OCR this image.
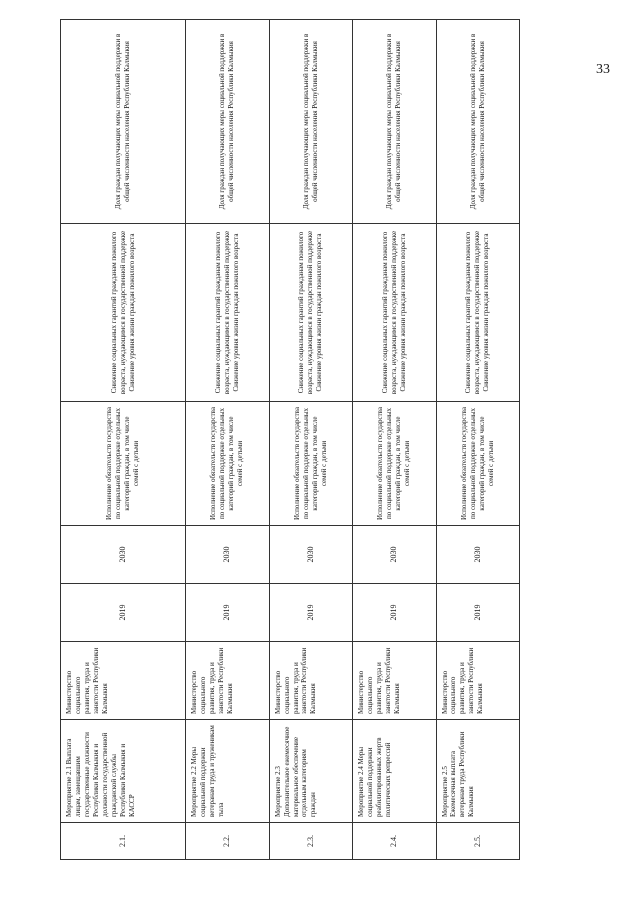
33
2.1.	Мероприятие 2.1 Выплата лицам, замещавшим государственные должности Республики Калмыкия и должности государственной гражданской службы Республики Калмыкия и КАССР	Министерство социального развития, труда и занятости Республики Калмыкия	2019	2030	Исполнение обязательств государства по социальной поддержке отдельных категорий граждан, в том числе семей с детьми	Снижение социальных гарантий гражданам пожилого возраста, нуждающимся в государственной поддержке Снижение уровня жизни граждан пожилого возраста	Доля граждан получающих меры социальной поддержки в общей численности населения Республики Калмыкия
2.2.	Мероприятие 2.2 Меры социальной поддержки ветеранам труда и труженикам тыла	Министерство социального развития, труда и занятости Республики Калмыкия	2019	2030	Исполнение обязательств государства по социальной поддержке отдельных категорий граждан, в том числе семей с детьми	Снижение социальных гарантий гражданам пожилого возраста, нуждающимся в государственной поддержке Снижение уровня жизни граждан пожилого возраста	Доля граждан получающих меры социальной поддержки в общей численности населения Республики Калмыкия
2.3.	Мероприятие 2.3 Дополнительное ежемесячное материальное обеспечение отдельным категориям граждан	Министерство социального развития, труда и занятости Республики Калмыкия	2019	2030	Исполнение обязательств государства по социальной поддержке отдельных категорий граждан, в том числе семей с детьми	Снижение социальных гарантий гражданам пожилого возраста, нуждающимся в государственной поддержке Снижение уровня жизни граждан пожилого возраста	Доля граждан получающих меры социальной поддержки в общей численности населения Республики Калмыкия
2.4.	Мероприятие 2.4 Меры социальной поддержки реабилитированных жертв политических репрессий	Министерство социального развития, труда и занятости Республики Калмыкия	2019	2030	Исполнение обязательств государства по социальной поддержке отдельных категорий граждан, в том числе семей с детьми	Снижение социальных гарантий гражданам пожилого возраста, нуждающимся в государственной поддержке Снижение уровня жизни граждан пожилого возраста	Доля граждан получающих меры социальной поддержки в общей численности населения Республики Калмыкия
2.5.	Мероприятие 2.5 Ежемесячная выплата ветеранам труда Республики Калмыкия	Министерство социального развития, труда и занятости Республики Калмыкия	2019	2030	Исполнение обязательств государства по социальной поддержке отдельных категорий граждан, в том числе семей с детьми	Снижение социальных гарантий гражданам пожилого возраста, нуждающимся в государственной поддержке Снижение уровня жизни граждан пожилого возраста	Доля граждан получающих меры социальной поддержки в общей численности населения Республики Калмыкия
